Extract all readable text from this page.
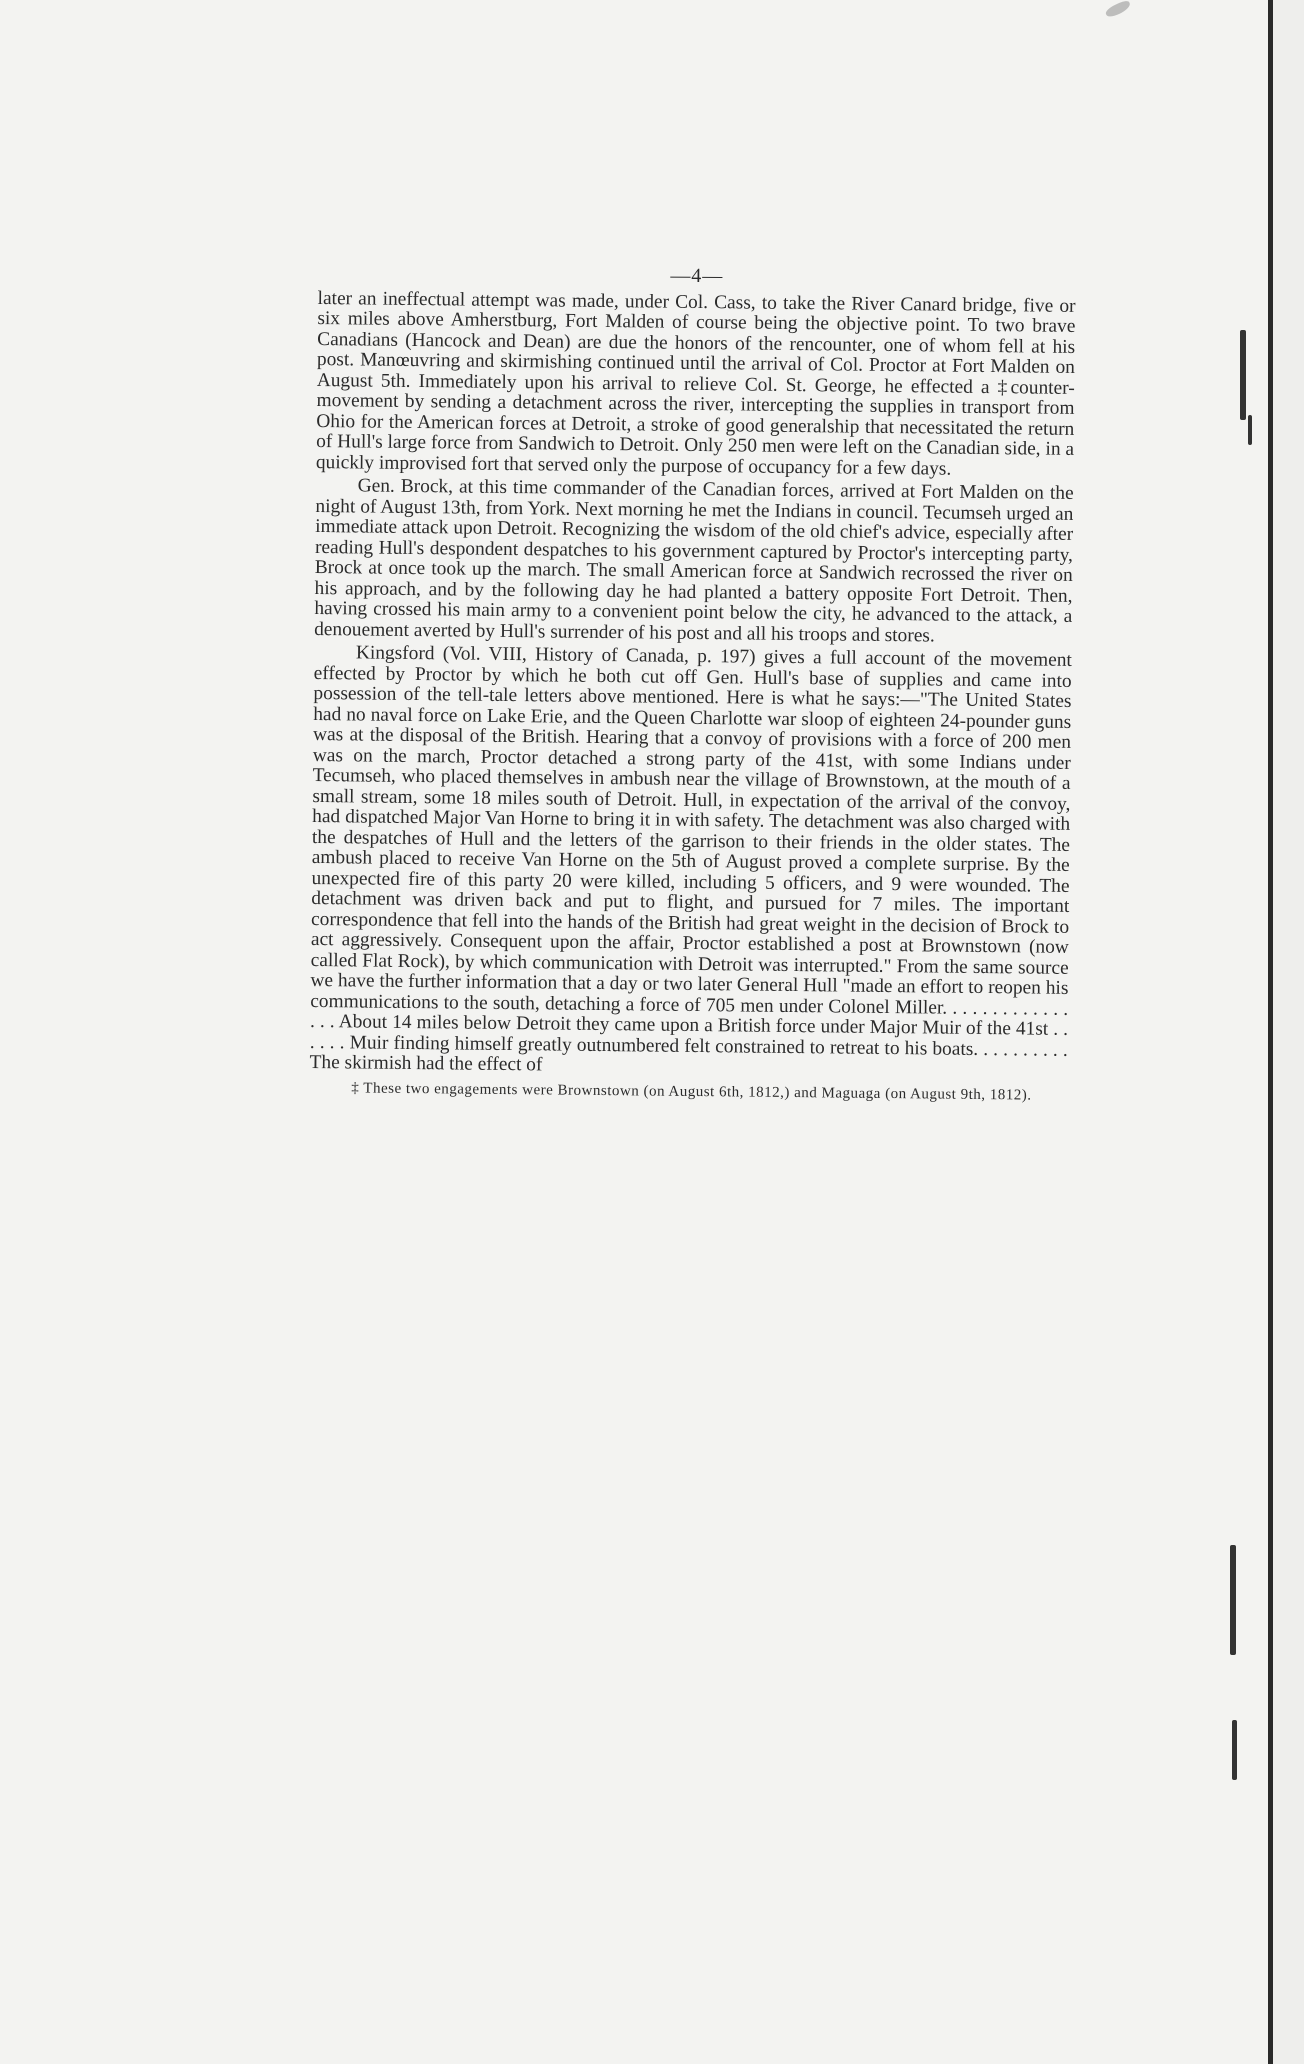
—4—

later an ineffectual attempt was made, under Col. Cass, to take the River Canard bridge, five or six miles above Amherstburg, Fort Malden of course being the objective point. To two brave Canadians (Hancock and Dean) are due the honors of the rencounter, one of whom fell at his post. Manœuvring and skirmishing continued until the arrival of Col. Proctor at Fort Malden on August 5th. Immediately upon his arrival to relieve Col. St. George, he effected a ‡counter-movement by sending a detachment across the river, intercepting the supplies in transport from Ohio for the American forces at Detroit, a stroke of good generalship that necessitated the return of Hull's large force from Sandwich to Detroit. Only 250 men were left on the Canadian side, in a quickly improvised fort that served only the purpose of occupancy for a few days.

Gen. Brock, at this time commander of the Canadian forces, arrived at Fort Malden on the night of August 13th, from York. Next morning he met the Indians in council. Tecumseh urged an immediate attack upon Detroit. Recognizing the wisdom of the old chief's advice, especially after reading Hull's despondent despatches to his government captured by Proctor's intercepting party, Brock at once took up the march. The small American force at Sandwich recrossed the river on his approach, and by the following day he had planted a battery opposite Fort Detroit. Then, having crossed his main army to a convenient point below the city, he advanced to the attack, a denouement averted by Hull's surrender of his post and all his troops and stores.

Kingsford (Vol. VIII, History of Canada, p. 197) gives a full account of the movement effected by Proctor by which he both cut off Gen. Hull's base of supplies and came into possession of the tell-tale letters above mentioned. Here is what he says:—"The United States had no naval force on Lake Erie, and the Queen Charlotte war sloop of eighteen 24-pounder guns was at the disposal of the British. Hearing that a convoy of provisions with a force of 200 men was on the march, Proctor detached a strong party of the 41st, with some Indians under Tecumseh, who placed themselves in ambush near the village of Brownstown, at the mouth of a small stream, some 18 miles south of Detroit. Hull, in expectation of the arrival of the convoy, had dispatched Major Van Horne to bring it in with safety. The detachment was also charged with the despatches of Hull and the letters of the garrison to their friends in the older states. The ambush placed to receive Van Horne on the 5th of August proved a complete surprise. By the unexpected fire of this party 20 were killed, including 5 officers, and 9 were wounded. The detachment was driven back and put to flight, and pursued for 7 miles. The important correspondence that fell into the hands of the British had great weight in the decision of Brock to act aggressively. Consequent upon the affair, Proctor established a post at Brownstown (now called Flat Rock), by which communication with Detroit was interrupted." From the same source we have the further information that a day or two later General Hull "made an effort to reopen his communications to the south, detaching a force of 705 men under Colonel Miller. . . . . . . . . . . . . . . . About 14 miles below Detroit they came upon a British force under Major Muir of the 41st . . . . . . Muir finding himself greatly outnumbered felt constrained to retreat to his boats. . . . . . . . . . The skirmish had the effect of

‡ These two engagements were Brownstown (on August 6th, 1812,) and Maguaga (on August 9th, 1812).
